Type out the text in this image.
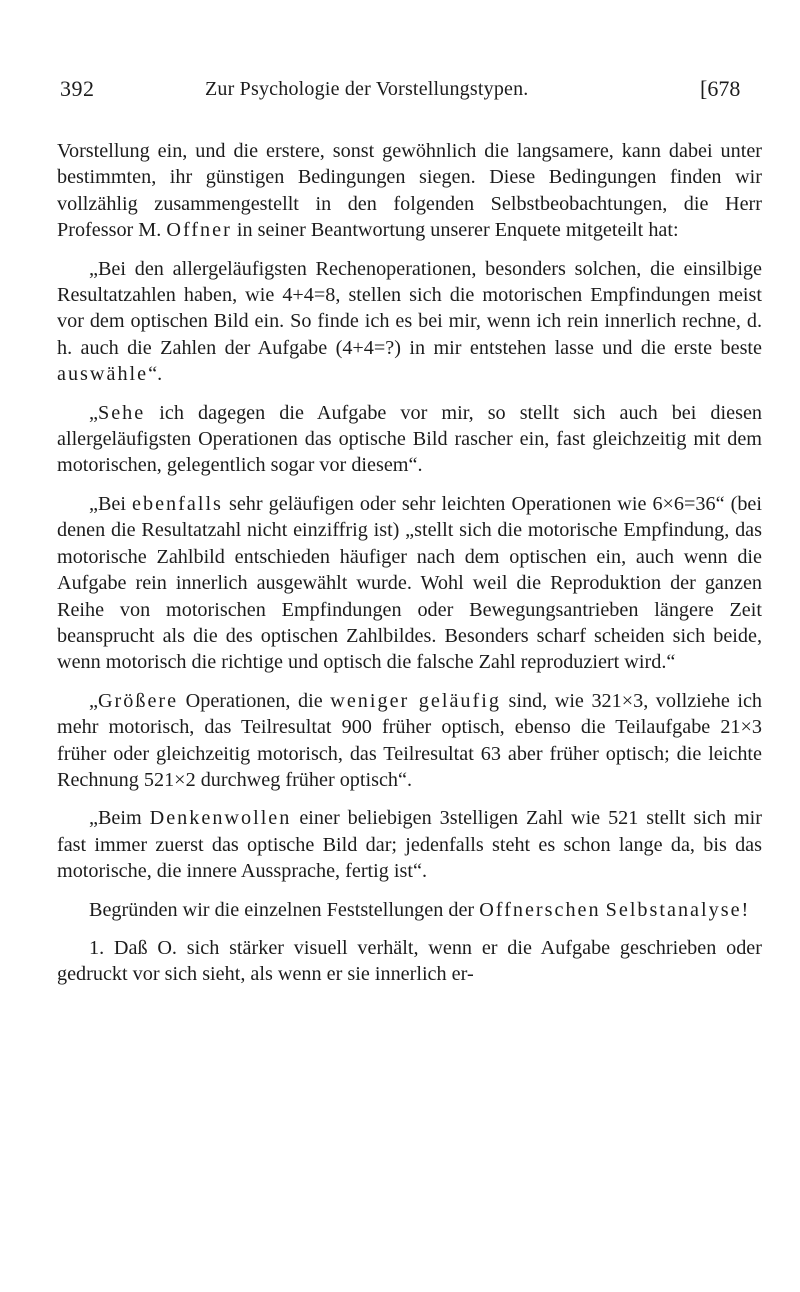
392	Zur Psychologie der Vorstellungstypen.	[678

Vorstellung ein, und die erstere, sonst gewöhnlich die langsamere, kann dabei unter bestimmten, ihr günstigen Bedingungen siegen. Diese Bedingungen finden wir vollzählig zusammengestellt in den folgenden Selbstbeobachtungen, die Herr Professor M. Offner in seiner Beantwortung unserer Enquete mitgeteilt hat:

„Bei den allergeläufigsten Rechenoperationen, besonders solchen, die einsilbige Resultatzahlen haben, wie 4+4=8, stellen sich die motorischen Empfindungen meist vor dem optischen Bild ein. So finde ich es bei mir, wenn ich rein innerlich rechne, d. h. auch die Zahlen der Aufgabe (4+4=?) in mir entstehen lasse und die erste beste auswähle“.

„Sehe ich dagegen die Aufgabe vor mir, so stellt sich auch bei diesen allergeläufigsten Operationen das optische Bild rascher ein, fast gleichzeitig mit dem motorischen, gelegentlich sogar vor diesem“.

„Bei ebenfalls sehr geläufigen oder sehr leichten Operationen wie 6×6=36“ (bei denen die Resultatzahl nicht einziffrig ist) „stellt sich die motorische Empfindung, das motorische Zahlbild entschieden häufiger nach dem optischen ein, auch wenn die Aufgabe rein innerlich ausgewählt wurde. Wohl weil die Reproduktion der ganzen Reihe von motorischen Empfindungen oder Bewegungsantrieben längere Zeit beansprucht als die des optischen Zahlbildes. Besonders scharf scheiden sich beide, wenn motorisch die richtige und optisch die falsche Zahl reproduziert wird.“

„Größere Operationen, die weniger geläufig sind, wie 321×3, vollziehe ich mehr motorisch, das Teilresultat 900 früher optisch, ebenso die Teilaufgabe 21×3 früher oder gleichzeitig motorisch, das Teilresultat 63 aber früher optisch; die leichte Rechnung 521×2 durchweg früher optisch“.

„Beim Denkenwollen einer beliebigen 3stelligen Zahl wie 521 stellt sich mir fast immer zuerst das optische Bild dar; jedenfalls steht es schon lange da, bis das motorische, die innere Aussprache, fertig ist“.

Begründen wir die einzelnen Feststellungen der Offnerschen Selbstanalyse!

1. Daß O. sich stärker visuell verhält, wenn er die Aufgabe geschrieben oder gedruckt vor sich sieht, als wenn er sie innerlich er-
